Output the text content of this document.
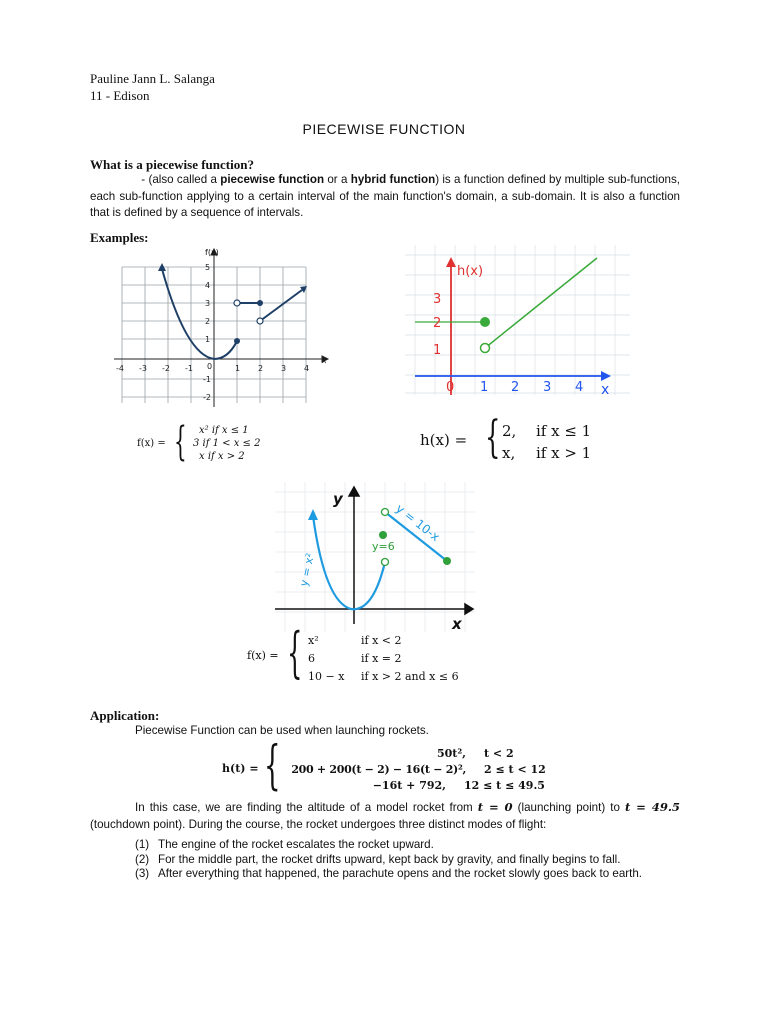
Pauline Jann L. Salanga
11 - Edison
PIECEWISE FUNCTION
What is a piecewise function?
- (also called a piecewise function or a hybrid function) is a function defined by multiple sub-functions, each sub-function applying to a certain interval of the main function's domain, a sub-domain. It is also a function that is defined by a sequence of intervals.
Examples:
f(x)
x
-4 -3 -2 -1 0	1 2 3 4
5
4
3
2
1
-1
-2
f(x) = {	x² if x ≤ 1
3 if 1 < x ≤ 2
x if x > 2
h(x)
x
0 1 2 3 4
3
2
1
h(x) = { 2, if x ≤ 1
x, if x > 1
y
x
y = x²
y=6
y = 10-x
f(x) = { x²	if x < 2
6	if x = 2
10 − x if x > 2 and x ≤ 6
Application:
Piecewise Function can be used when launching rockets.
h(t) = {	50t², t < 2
200 + 200(t − 2) − 16(t − 2)², 2 ≤ t < 12
−16t + 792, 12 ≤ t ≤ 49.5
In this case, we are finding the altitude of a model rocket from t = 0 (launching point) to t = 49.5 (touchdown point). During the course, the rocket undergoes three distinct modes of flight:
(1) The engine of the rocket escalates the rocket upward.
(2) For the middle part, the rocket drifts upward, kept back by gravity, and finally begins to fall.
(3) After everything that happened, the parachute opens and the rocket slowly goes back to earth.
